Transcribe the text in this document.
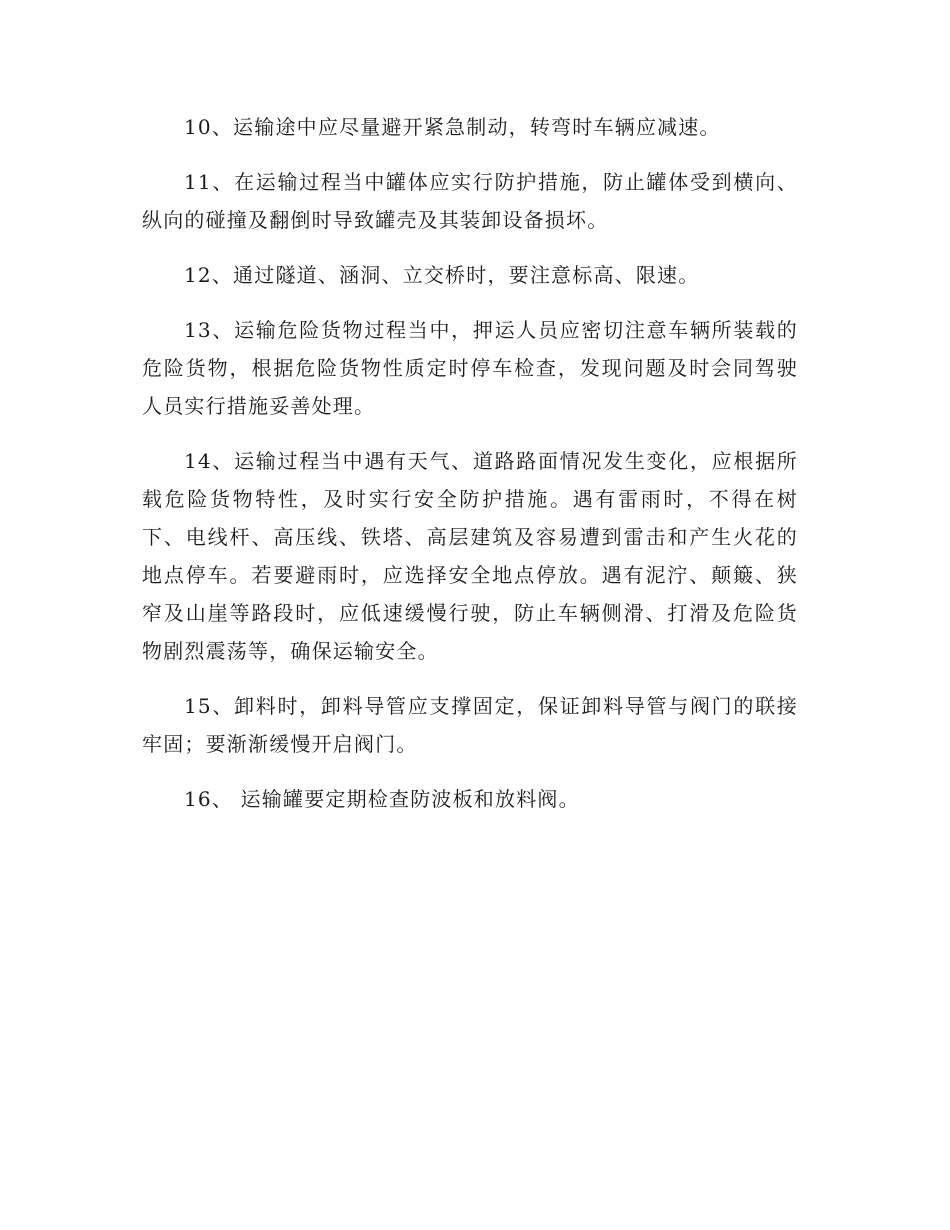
10、运输途中应尽量避开紧急制动，转弯时车辆应减速。

11、在运输过程当中罐体应实行防护措施，防止罐体受到横向、纵向的碰撞及翻倒时导致罐壳及其装卸设备损坏。

12、通过隧道、涵洞、立交桥时，要注意标高、限速。

13、运输危险货物过程当中，押运人员应密切注意车辆所装载的危险货物，根据危险货物性质定时停车检查，发现问题及时会同驾驶人员实行措施妥善处理。

14、运输过程当中遇有天气、道路路面情况发生变化，应根据所载危险货物特性，及时实行安全防护措施。遇有雷雨时，不得在树下、电线杆、高压线、铁塔、高层建筑及容易遭到雷击和产生火花的地点停车。若要避雨时，应选择安全地点停放。遇有泥泞、颠簸、狭窄及山崖等路段时，应低速缓慢行驶，防止车辆侧滑、打滑及危险货物剧烈震荡等，确保运输安全。

15、卸料时，卸料导管应支撑固定，保证卸料导管与阀门的联接牢固；要渐渐缓慢开启阀门。

16、 运输罐要定期检查防波板和放料阀。
